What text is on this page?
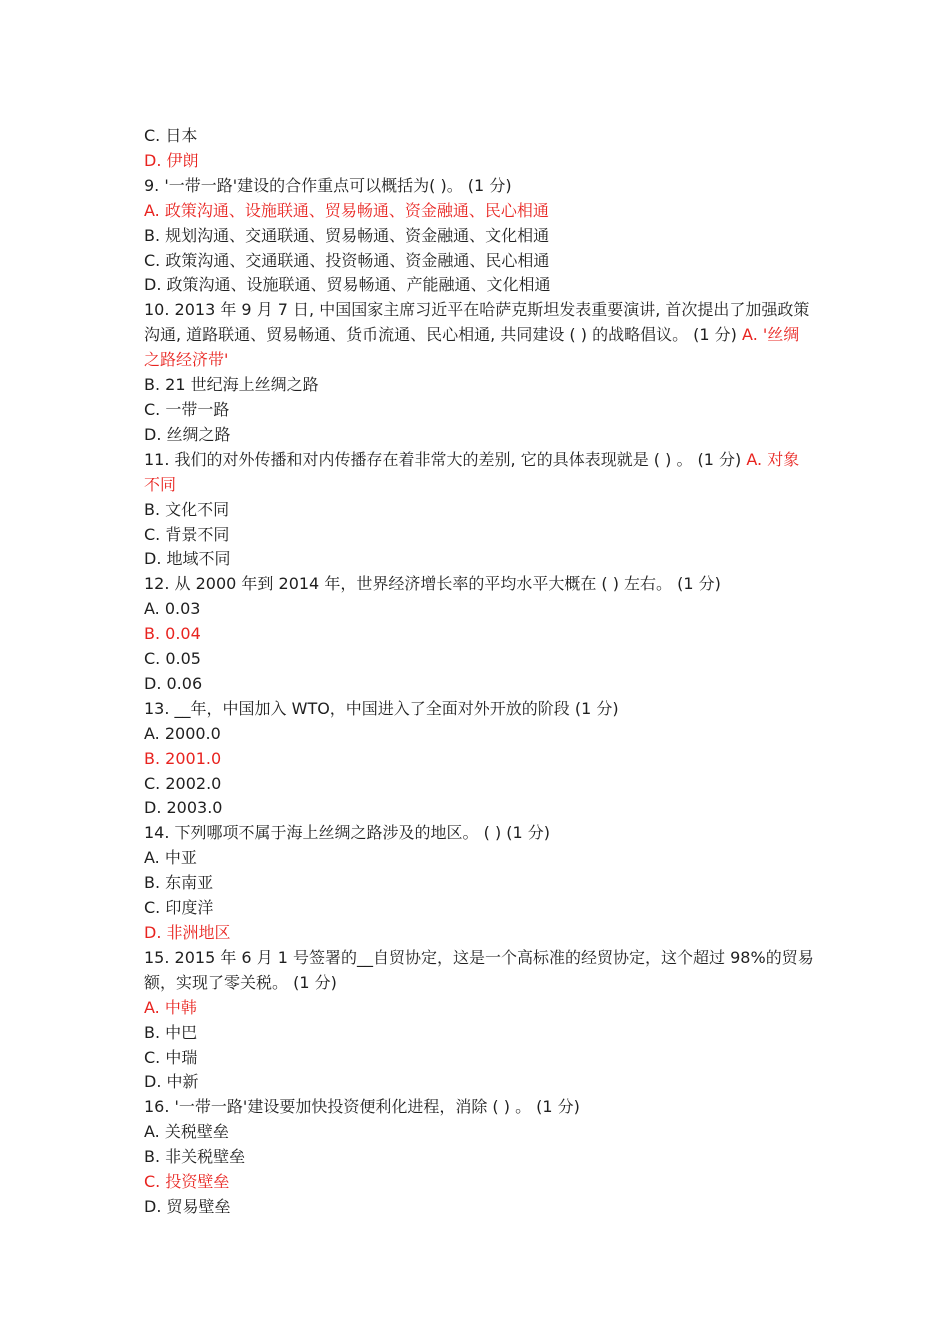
C. 日本

D. 伊朗

9. '一带一路'建设的合作重点可以概括为( )。 (1 分)

A. 政策沟通、设施联通、贸易畅通、资金融通、民心相通

B. 规划沟通、交通联通、贸易畅通、资金融通、文化相通

C. 政策沟通、交通联通、投资畅通、资金融通、民心相通

D. 政策沟通、设施联通、贸易畅通、产能融通、文化相通

10. 2013 年 9 月 7 日, 中国国家主席习近平在哈萨克斯坦发表重要演讲, 首次提出了加强政策沟通, 道路联通、贸易畅通、货币流通、民心相通, 共同建设 ( ) 的战略倡议。 (1 分) A. '丝绸之路经济带'

B. 21 世纪海上丝绸之路

C. 一带一路

D. 丝绸之路

11. 我们的对外传播和对内传播存在着非常大的差别, 它的具体表现就是 ( ) 。 (1 分) A. 对象不同

B. 文化不同

C. 背景不同

D. 地域不同

12. 从 2000 年到 2014 年，世界经济增长率的平均水平大概在 ( ) 左右。 (1 分)

A. 0.03

B. 0.04

C. 0.05

D. 0.06

13. __年，中国加入 WTO，中国进入了全面对外开放的阶段 (1 分)

A. 2000.0

B. 2001.0

C. 2002.0

D. 2003.0

14. 下列哪项不属于海上丝绸之路涉及的地区。 ( ) (1 分)

A. 中亚

B. 东南亚

C. 印度洋

D. 非洲地区

15. 2015 年 6 月 1 号签署的__自贸协定，这是一个高标准的经贸协定，这个超过 98%的贸易额，实现了零关税。 (1 分)

A. 中韩

B. 中巴

C. 中瑞

D. 中新

16. '一带一路'建设要加快投资便利化进程，消除 ( ) 。 (1 分)

A. 关税壁垒

B. 非关税壁垒

C. 投资壁垒

D. 贸易壁垒
